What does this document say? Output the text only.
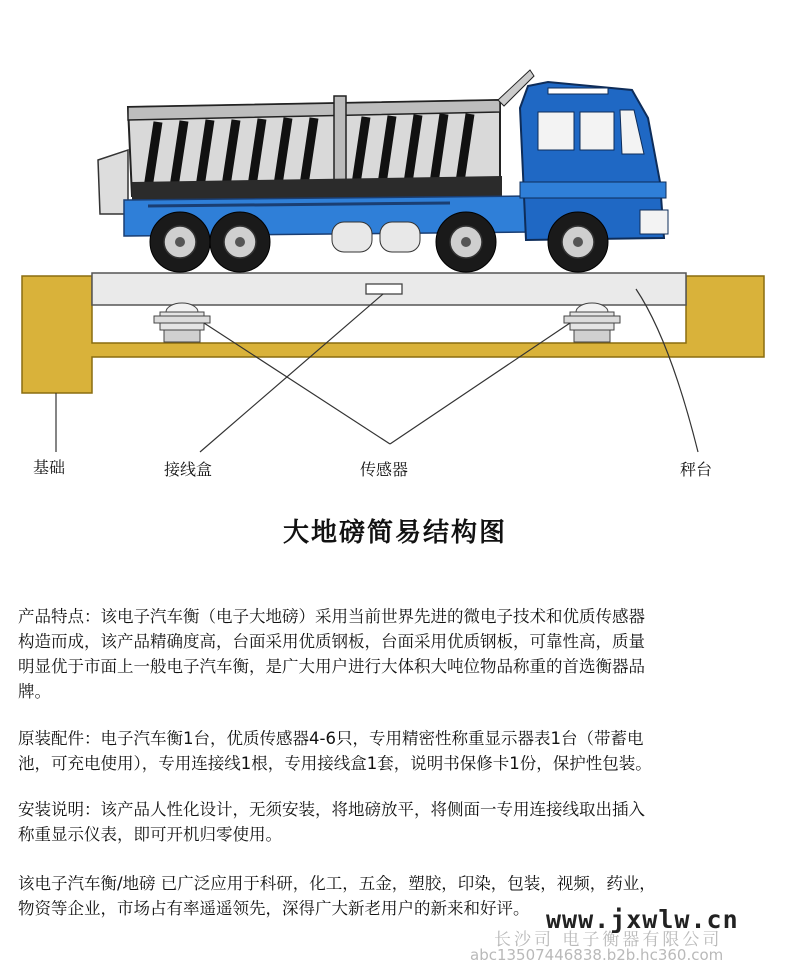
基础	接线盒	传感器	秤台
大地磅简易结构图

产品特点：该电子汽车衡（电子大地磅）采用当前世界先进的微电子技术和优质传感器
构造而成，该产品精确度高，台面采用优质钢板，台面采用优质钢板，可靠性高，质量
明显优于市面上一般电子汽车衡，是广大用户进行大体积大吨位物品称重的首选衡器品
牌。

原装配件：电子汽车衡1台，优质传感器4-6只，专用精密性称重显示器表1台（带蓄电
池，可充电使用），专用连接线1根，专用接线盒1套，说明书保修卡1份，保护性包装。

安装说明：该产品人性化设计，无须安装，将地磅放平，将侧面一专用连接线取出插入
称重显示仪表，即可开机归零使用。

该电子汽车衡/地磅 已广泛应用于科研，化工，五金，塑胶，印染，包装，视频，药业，
物资等企业，市场占有率遥遥领先，深得广大新老用户的新来和好评。

长沙司 电子衡器有限公司
www.jxwlw.cn
abc13507446838.b2b.hc360.com
